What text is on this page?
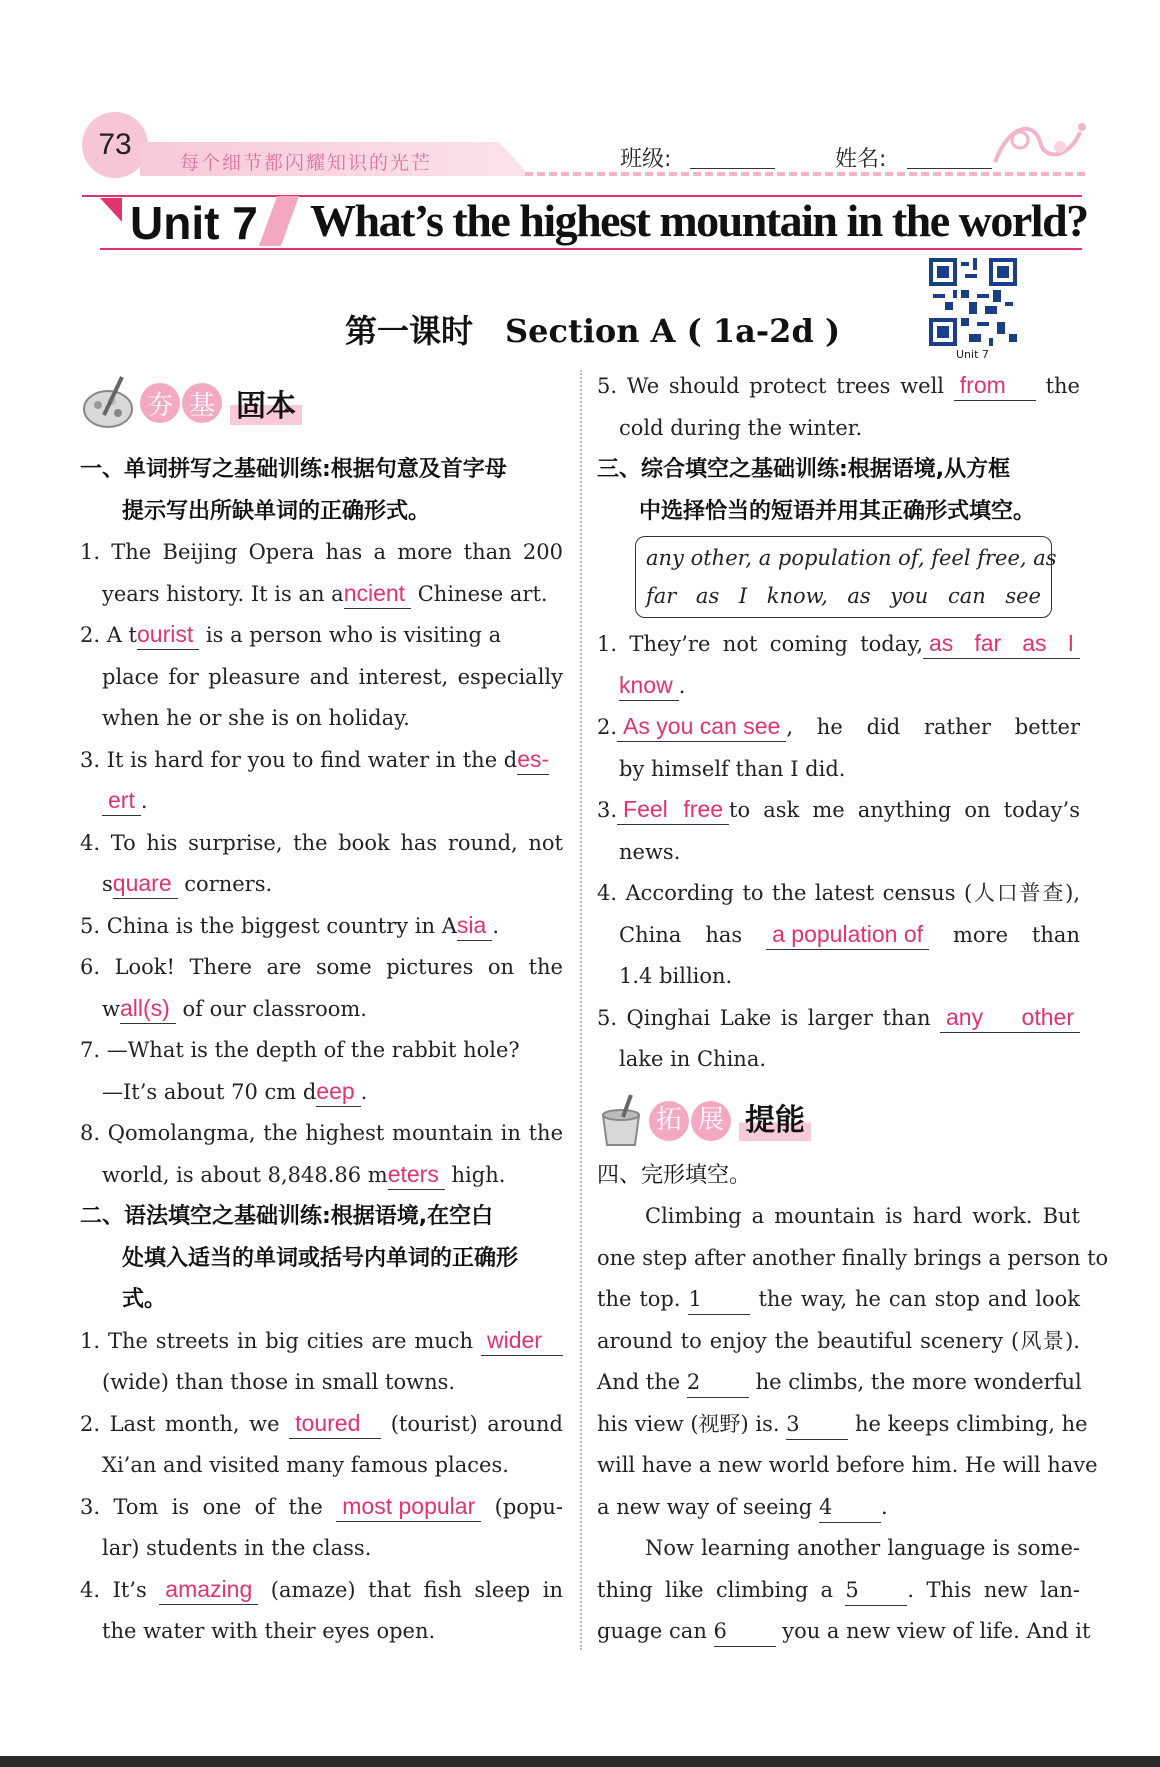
73
每个细节都闪耀知识的光芒	班级:	姓名:
Unit 7 What’s the highest mountain in the world?
第一课时　Section A ( 1a-2d )
Unit 7
夯 基 固本
一、单词拼写之基础训练:根据句意及首字母
提示写出所缺单词的正确形式。
1. The Beijing Opera has a more than 200
years history. It is an ancient Chinese art.
2. A tourist is a person who is visiting a
place for pleasure and interest, especially
when he or she is on holiday.
3. It is hard for you to find water in the des-
ert .
4. To his surprise, the book has round, not
square corners.
5. China is the biggest country in Asia .
6. Look! There are some pictures on the
wall(s) of our classroom.
7. —What is the depth of the rabbit hole?
—It’s about 70 cm deep .
8. Qomolangma, the highest mountain in the
world, is about 8,848.86 meters high.
二、语法填空之基础训练:根据语境,在空白
处填入适当的单词或括号内单词的正确形
式。
1. The streets in big cities are much wider
(wide) than those in small towns.
2. Last month, we toured (tourist) around
Xi’an and visited many famous places.
3. Tom is one of the most popular (popu-
lar) students in the class.
4. It’s amazing (amaze) that fish sleep in
the water with their eyes open.
5. We should protect trees well from the
cold during the winter.
三、综合填空之基础训练:根据语境,从方框
中选择恰当的短语并用其正确形式填空。
any other, a population of, feel free, as
far as I know, as you can see
1. They’re not coming today, as far as I
know .
2. As you can see , he did rather better
by himself than I did.
3. Feel free to ask me anything on today’s
news.
4. According to the latest census (人口普查),
China has a population of more than
1.4 billion.
5. Qinghai Lake is larger than any other
lake in China.
拓 展 提能
四、完形填空。
Climbing a mountain is hard work. But
one step after another finally brings a person to
the top. 1	the way, he can stop and look
around to enjoy the beautiful scenery (风景).
And the 2	he climbs, the more wonderful
his view (视野) is. 3	he keeps climbing, he
will have a new world before him. He will have
a new way of seeing 4 .
Now learning another language is some-
thing like climbing a 5 . This new lan-
guage can 6	you a new view of life. And it
